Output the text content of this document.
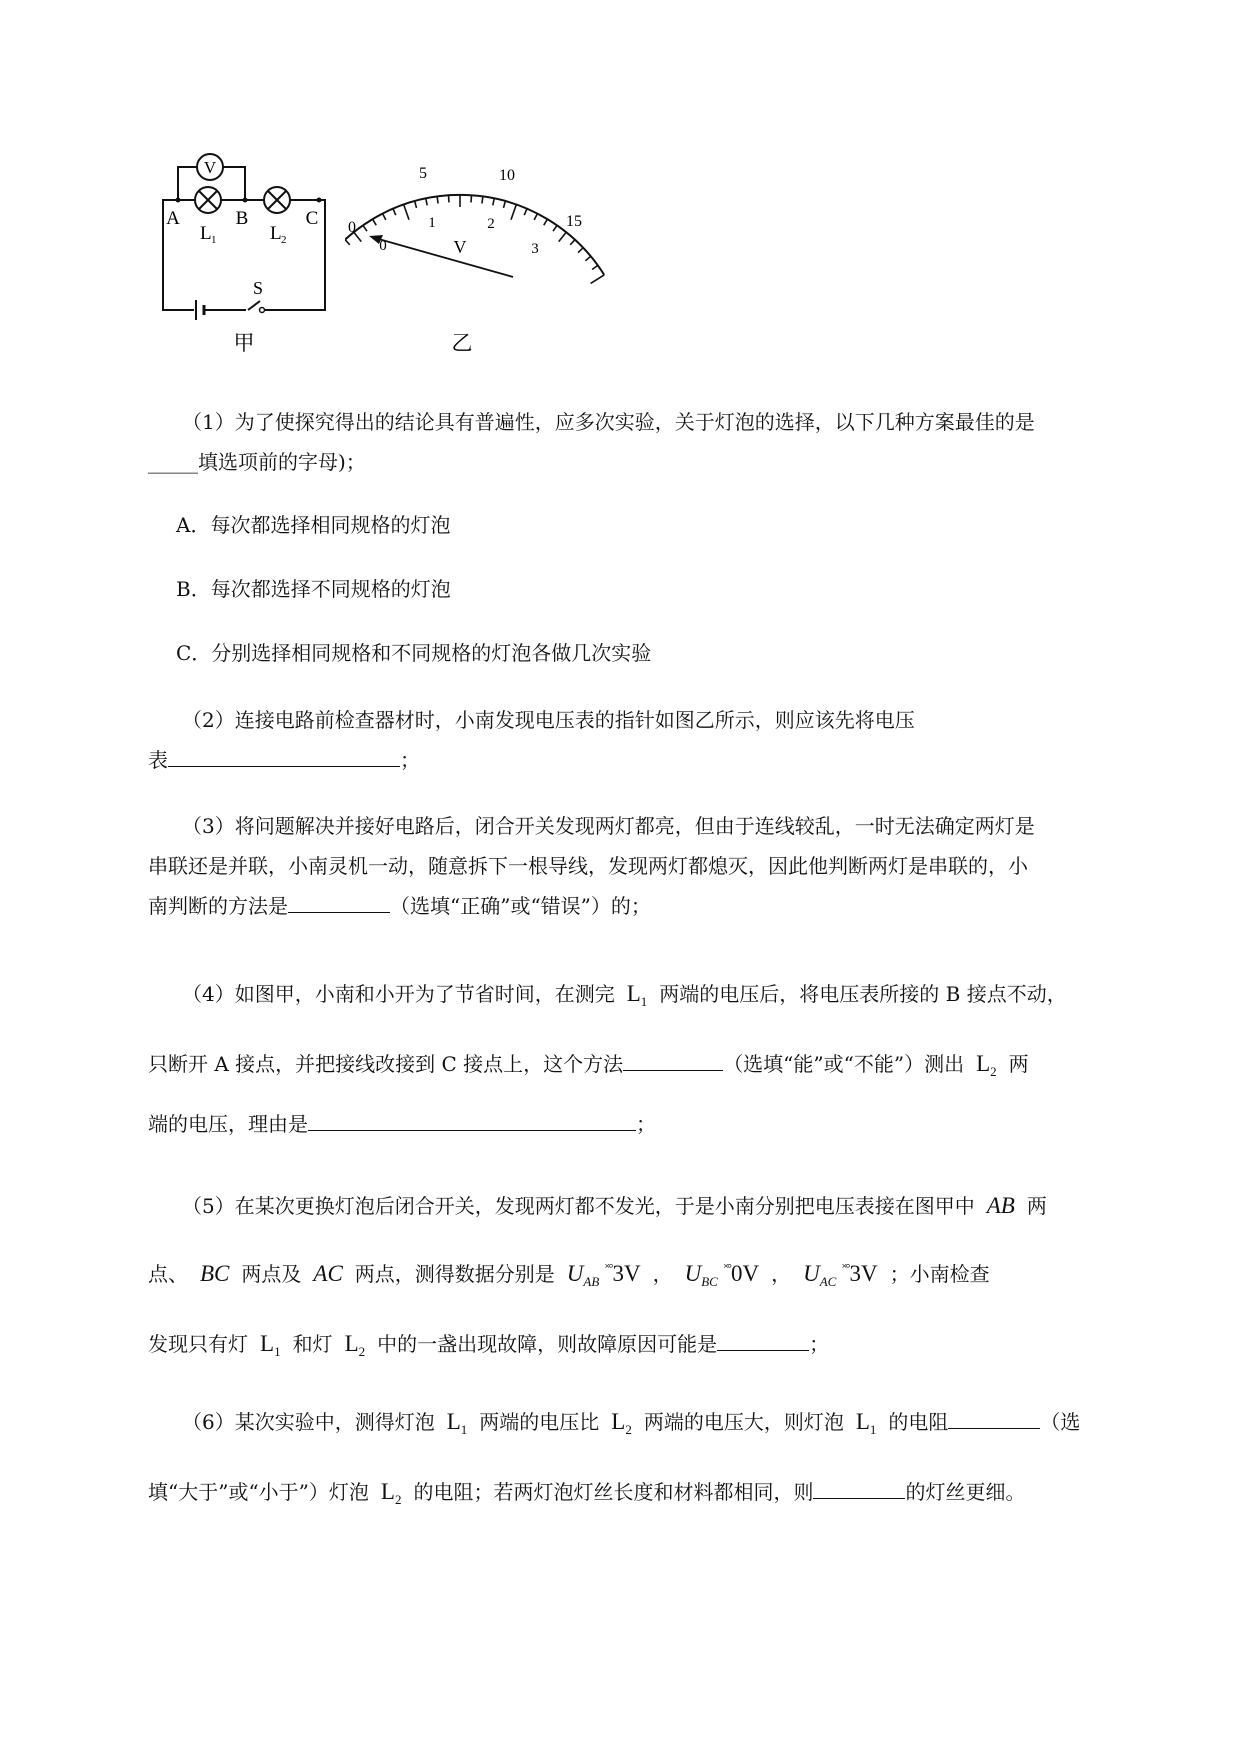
V
A	B	C
L 1	L 2
S
甲
0
5	10
15
0
1	2
3
V
乙
（1）为了使探究得出的结论具有普遍性，应多次实验，关于灯泡的选择，以下几种方案最佳的是
_____填选项前的字母)；
A．每次都选择相同规格的灯泡
B．每次都选择不同规格的灯泡
C．分别选择相同规格和不同规格的灯泡各做几次实验
（2）连接电路前检查器材时，小南发现电压表的指针如图乙所示，则应该先将电压
表	；
（3）将问题解决并接好电路后，闭合开关发现两灯都亮，但由于连线较乱，一时无法确定两灯是
串联还是并联，小南灵机一动，随意拆下一根导线，发现两灯都熄灭，因此他判断两灯是串联的，小
南判断的方法是	（选填“正确”或“错误”）的；
（4）如图甲，小南和小开为了节省时间，在测完 $L_1$ 两端的电压后，将电压表所接的 B 接点不动，
只断开 A 接点，并把接线改接到 C 接点上，这个方法	（选填“能”或“不能”）测出 $L_2$ 两
端的电压，理由是	；
（5）在某次更换灯泡后闭合开关，发现两灯都不发光，于是小南分别把电压表接在图甲中 AB 两
点、 BC 两点及 AC 两点，测得数据分别是 $U_{AB}$ ˟°3V ， $U_{BC}$ ˟°0V ， $U_{AC}$ ˟°3V ；小南检查
发现只有灯 $L_1$ 和灯 $L_2$ 中的一盏出现故障，则故障原因可能是	；
（6）某次实验中，测得灯泡 $L_1$ 两端的电压比 $L_2$ 两端的电压大，则灯泡 $L_1$ 的电阻	（选
填“大于”或“小于”）灯泡 $L_2$ 的电阻；若两灯泡灯丝长度和材料都相同，则	的灯丝更细。
